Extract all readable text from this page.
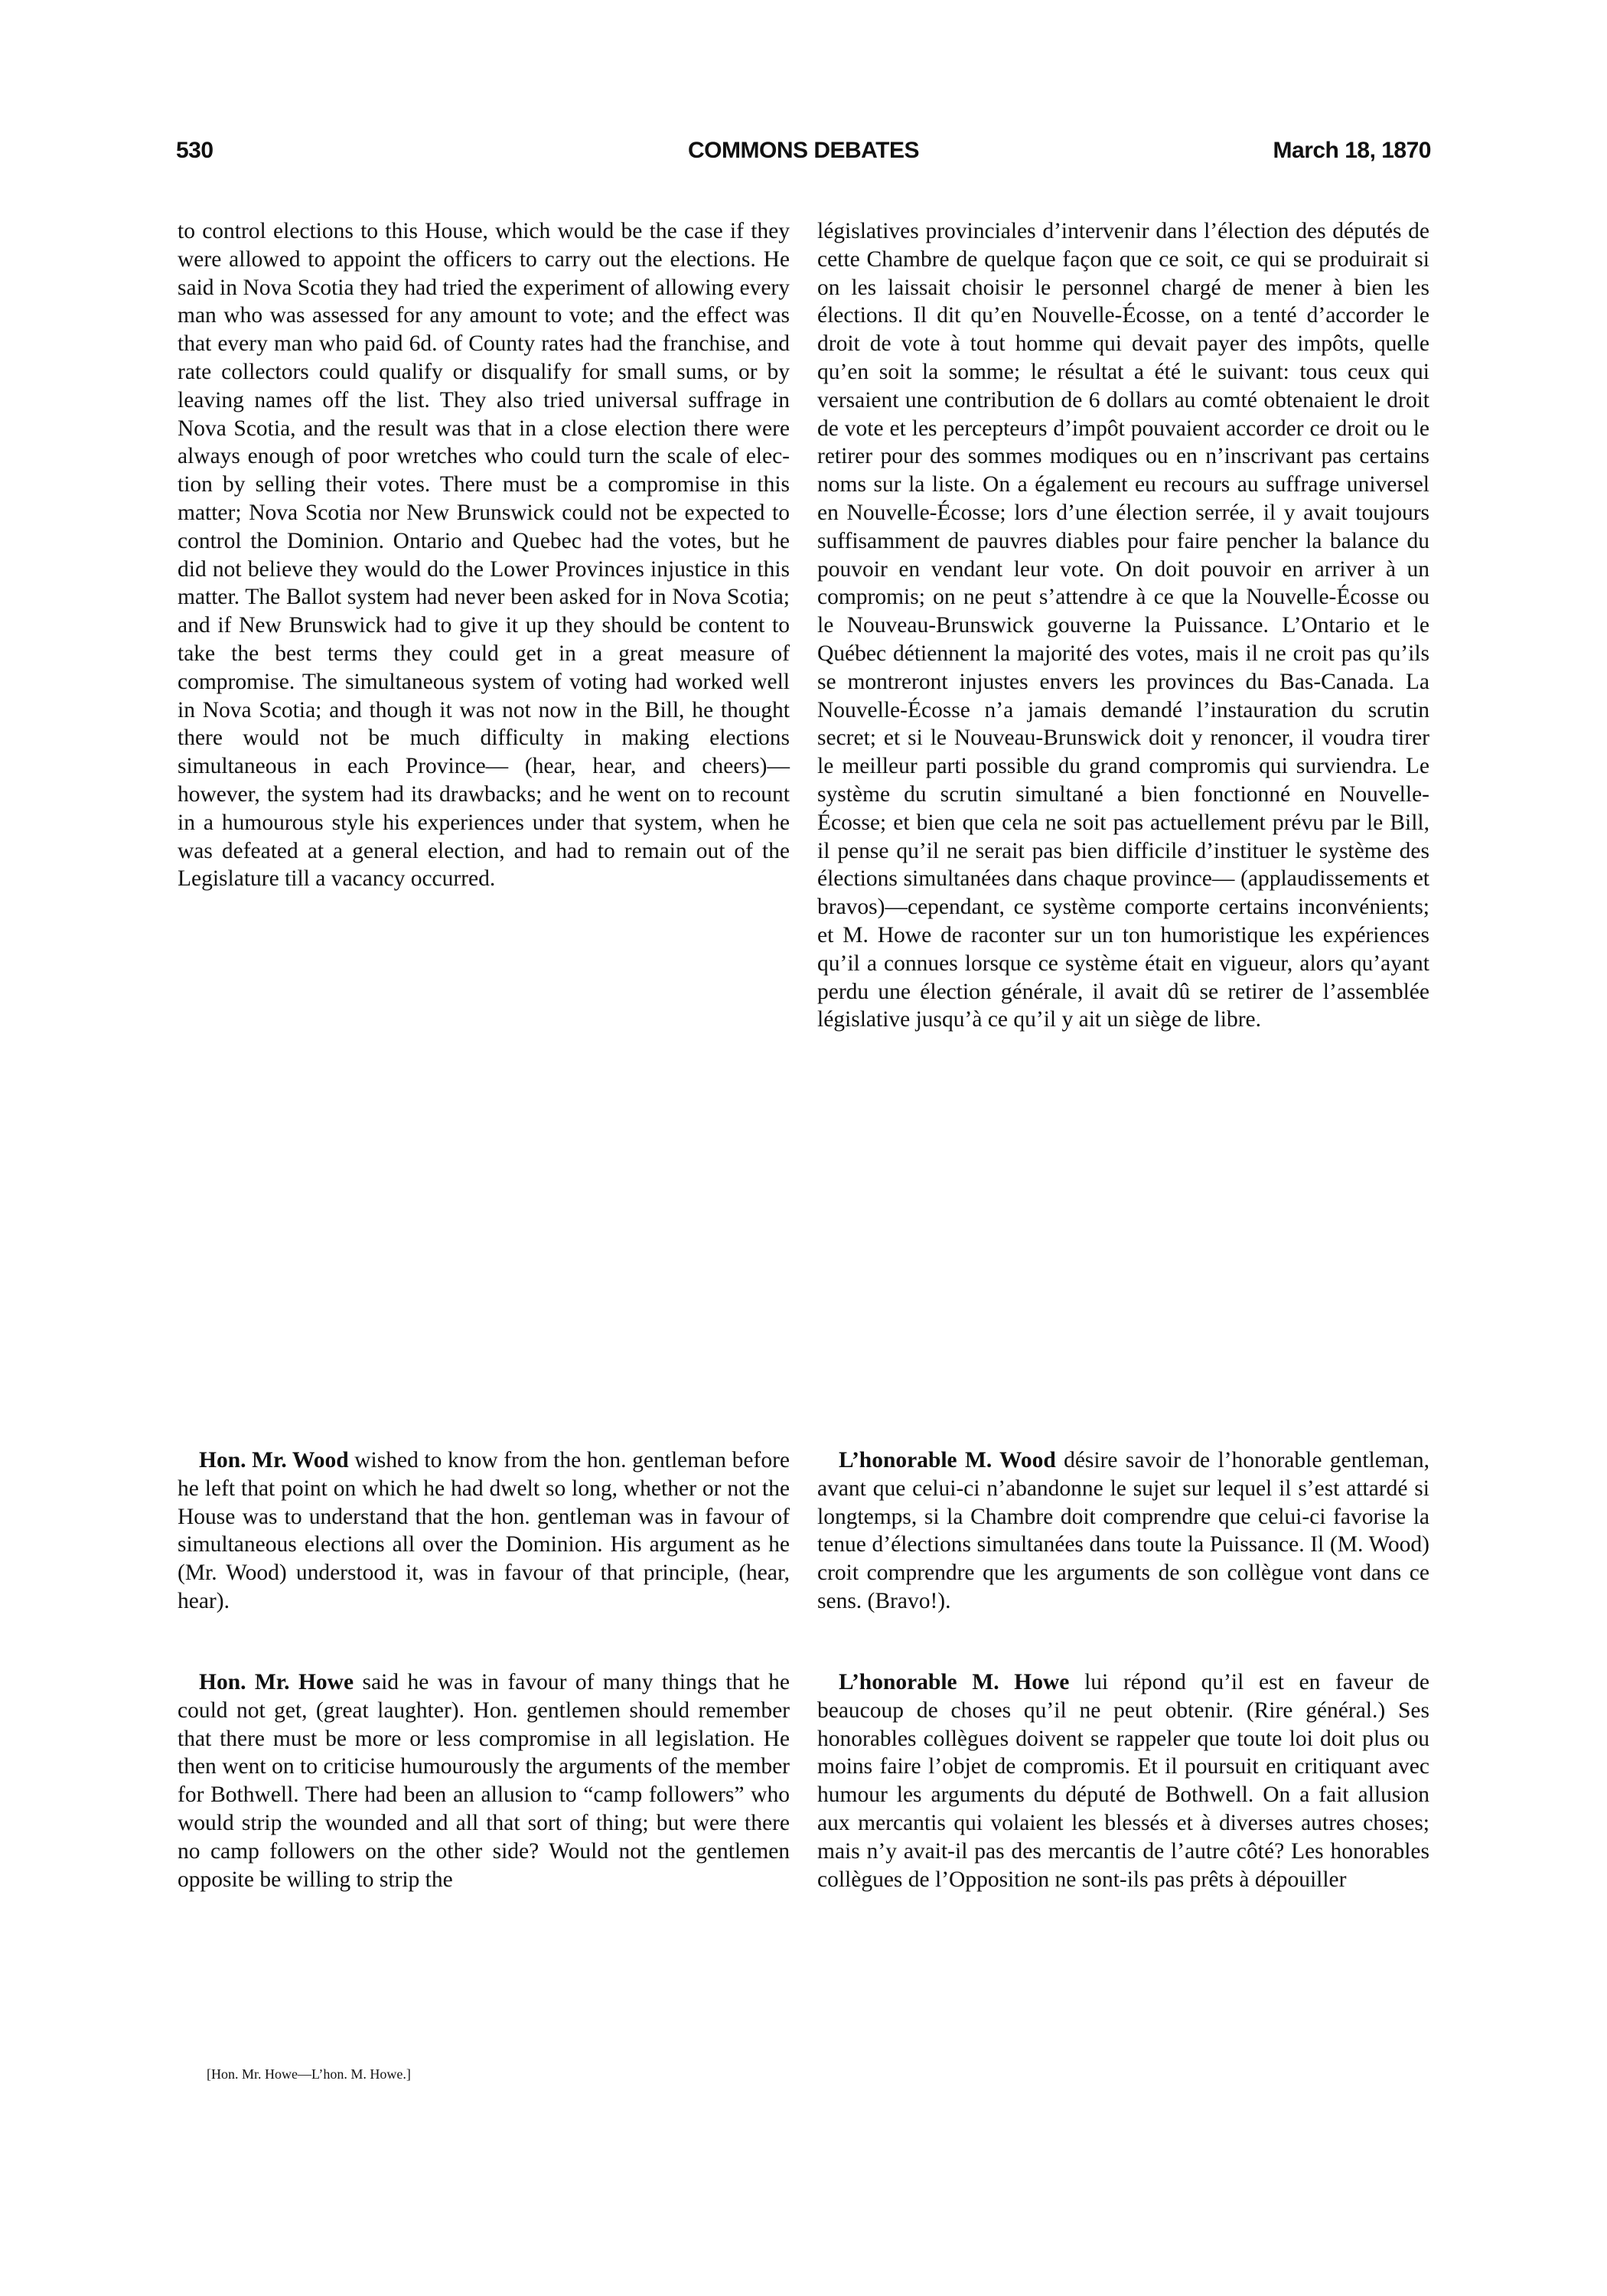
530	COMMONS DEBATES	March 18, 1870

to control elections to this House, which would be the case if they were allowed to appoint the officers to carry out the elections. He said in Nova Scotia they had tried the experiment of allowing every man who was assessed for any amount to vote; and the effect was that every man who paid 6d. of County rates had the franchise, and rate collectors could qualify or disqualify for small sums, or by leaving names off the list. They also tried universal suffrage in Nova Scotia, and the result was that in a close election there were always enough of poor wretches who could turn the scale of election by selling their votes. There must be a compromise in this matter; Nova Scotia nor New Brunswick could not be expected to control the Dominion. Ontario and Quebec had the votes, but he did not believe they would do the Lower Provinces injustice in this matter. The Ballot system had never been asked for in Nova Scotia; and if New Brunswick had to give it up they should be content to take the best terms they could get in a great measure of compromise. The simultaneous system of voting had worked well in Nova Scotia; and though it was not now in the Bill, he thought there would not be much difficulty in making elections simultaneous in each Province— (hear, hear, and cheers)—however, the system had its drawbacks; and he went on to recount in a humourous style his experiences under that system, when he was defeated at a general election, and had to remain out of the Legislature till a vacancy occurred.

législatives provinciales d’intervenir dans l’élection des députés de cette Chambre de quelque façon que ce soit, ce qui se produirait si on les laissait choisir le personnel chargé de mener à bien les élections. Il dit qu’en Nouvelle-Écosse, on a tenté d’accorder le droit de vote à tout homme qui devait payer des impôts, quelle qu’en soit la somme; le résultat a été le suivant: tous ceux qui versaient une contribution de 6 dollars au comté obtenaient le droit de vote et les percepteurs d’impôt pouvaient accorder ce droit ou le retirer pour des sommes modiques ou en n’inscrivant pas certains noms sur la liste. On a également eu recours au suffrage universel en Nouvelle-Écosse; lors d’une élection serrée, il y avait toujours suffisamment de pauvres diables pour faire pencher la balance du pouvoir en vendant leur vote. On doit pouvoir en arriver à un compromis; on ne peut s’attendre à ce que la Nouvelle-Écosse ou le Nouveau-Brunswick gouverne la Puissance. L’Ontario et le Québec détiennent la majorité des votes, mais il ne croit pas qu’ils se montreront injustes envers les provinces du Bas-Canada. La Nouvelle-Écosse n’a jamais demandé l’instauration du scrutin secret; et si le Nouveau-Brunswick doit y renoncer, il voudra tirer le meilleur parti possible du grand compromis qui surviendra. Le système du scrutin simultané a bien fonctionné en Nouvelle-Écosse; et bien que cela ne soit pas actuellement prévu par le Bill, il pense qu’il ne serait pas bien difficile d’instituer le système des élections simultanées dans chaque province— (applaudissements et bravos)—cependant, ce système comporte certains inconvénients; et M. Howe de raconter sur un ton humoristique les expériences qu’il a connues lorsque ce système était en vigueur, alors qu’ayant perdu une élection générale, il avait dû se retirer de l’assemblée législative jusqu’à ce qu’il y ait un siège de libre.

Hon. Mr. Wood wished to know from the hon. gentleman before he left that point on which he had dwelt so long, whether or not the House was to understand that the hon. gentleman was in favour of simultaneous elections all over the Dominion. His argument as he (Mr. Wood) understood it, was in favour of that principle, (hear, hear).

L’honorable M. Wood désire savoir de l’honorable gentleman, avant que celui-ci n’abandonne le sujet sur lequel il s’est attardé si longtemps, si la Chambre doit comprendre que celui-ci favorise la tenue d’élections simultanées dans toute la Puissance. Il (M. Wood) croit comprendre que les arguments de son collègue vont dans ce sens. (Bravo!).

Hon. Mr. Howe said he was in favour of many things that he could not get, (great laughter). Hon. gentlemen should remember that there must be more or less compromise in all legislation. He then went on to criticise humourously the arguments of the member for Bothwell. There had been an allusion to “camp followers” who would strip the wounded and all that sort of thing; but were there no camp followers on the other side? Would not the gentlemen opposite be willing to strip the

L’honorable M. Howe lui répond qu’il est en faveur de beaucoup de choses qu’il ne peut obtenir. (Rire général.) Ses honorables collègues doivent se rappeler que toute loi doit plus ou moins faire l’objet de compromis. Et il poursuit en critiquant avec humour les arguments du député de Bothwell. On a fait allusion aux mercantis qui volaient les blessés et à diverses autres choses; mais n’y avait-il pas des mercantis de l’autre côté? Les honorables collègues de l’Opposition ne sont-ils pas prêts à dépouiller

[Hon. Mr. Howe—L’hon. M. Howe.]
